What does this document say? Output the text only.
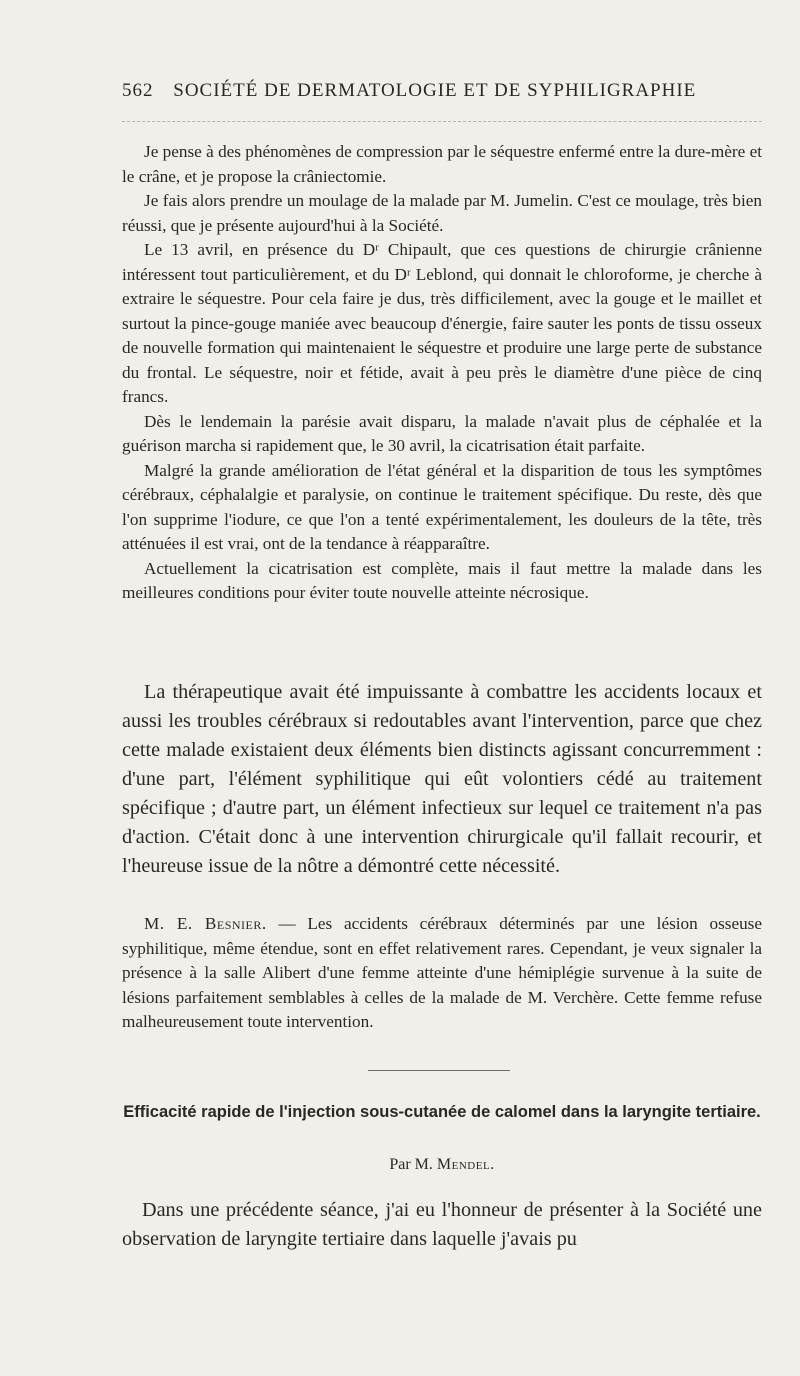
562 SOCIÉTÉ DE DERMATOLOGIE ET DE SYPHILIGRAPHIE

Je pense à des phénomènes de compression par le séquestre enfermé entre la dure-mère et le crâne, et je propose la crâniectomie.

Je fais alors prendre un moulage de la malade par M. Jumelin. C'est ce moulage, très bien réussi, que je présente aujourd'hui à la Société.

Le 13 avril, en présence du Dʳ Chipault, que ces questions de chirurgie crânienne intéressent tout particulièrement, et du Dʳ Leblond, qui donnait le chloroforme, je cherche à extraire le séquestre. Pour cela faire je dus, très difficilement, avec la gouge et le maillet et surtout la pince-gouge maniée avec beaucoup d'énergie, faire sauter les ponts de tissu osseux de nouvelle formation qui maintenaient le séquestre et produire une large perte de substance du frontal. Le séquestre, noir et fétide, avait à peu près le diamètre d'une pièce de cinq francs.

Dès le lendemain la parésie avait disparu, la malade n'avait plus de céphalée et la guérison marcha si rapidement que, le 30 avril, la cicatrisation était parfaite.

Malgré la grande amélioration de l'état général et la disparition de tous les symptômes cérébraux, céphalalgie et paralysie, on continue le traitement spécifique. Du reste, dès que l'on supprime l'iodure, ce que l'on a tenté expérimentalement, les douleurs de la tête, très atténuées il est vrai, ont de la tendance à réapparaître.

Actuellement la cicatrisation est complète, mais il faut mettre la malade dans les meilleures conditions pour éviter toute nouvelle atteinte nécrosique.

La thérapeutique avait été impuissante à combattre les accidents locaux et aussi les troubles cérébraux si redoutables avant l'intervention, parce que chez cette malade existaient deux éléments bien distincts agissant concurremment : d'une part, l'élément syphilitique qui eût volontiers cédé au traitement spécifique ; d'autre part, un élément infectieux sur lequel ce traitement n'a pas d'action. C'était donc à une intervention chirurgicale qu'il fallait recourir, et l'heureuse issue de la nôtre a démontré cette nécessité.

M. E. Besnier. — Les accidents cérébraux déterminés par une lésion osseuse syphilitique, même étendue, sont en effet relativement rares. Cependant, je veux signaler la présence à la salle Alibert d'une femme atteinte d'une hémiplégie survenue à la suite de lésions parfaitement semblables à celles de la malade de M. Verchère. Cette femme refuse malheureusement toute intervention.

Efficacité rapide de l'injection sous-cutanée de calomel dans la laryngite tertiaire.
Par M. Mendel.

Dans une précédente séance, j'ai eu l'honneur de présenter à la Société une observation de laryngite tertiaire dans laquelle j'avais pu
